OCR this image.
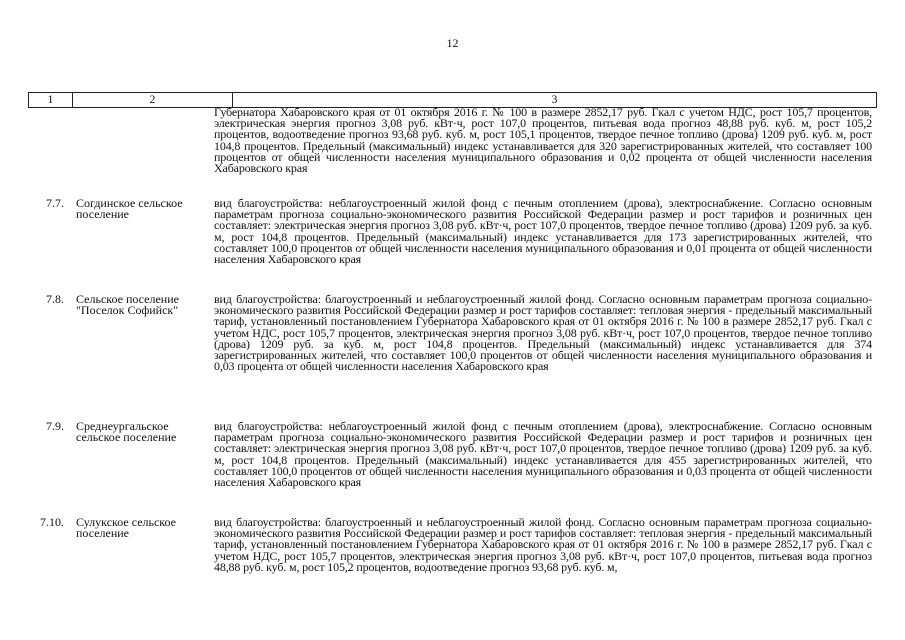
12
1	2	3
Губернатора Хабаровского края от 01 октября 2016 г. № 100 в размере 2852,17 руб. Гкал с учетом НДС, рост 105,7 процентов, электрическая энергия прогноз 3,08 руб. кВт·ч, рост 107,0 процентов, питьевая вода прогноз 48,88 руб. куб. м, рост 105,2 процентов, водоотведение прогноз 93,68 руб. куб. м, рост 105,1 процентов, твердое печное топливо (дрова) 1209 руб. куб. м, рост 104,8 процентов. Предельный (максимальный) индекс устанавливается для 320 зарегистрированных жителей, что составляет 100 процентов от общей численности населения муниципального образования и 0,02 процента от общей численности населения Хабаровского края
7.7. Согдинское сельское поселение
вид благоустройства: неблагоустроенный жилой фонд с печным отоплением (дрова), электроснабжение. Согласно основным параметрам прогноза социально-экономического развития Российской Федерации размер и рост тарифов и розничных цен составляет: электрическая энергия прогноз 3,08 руб. кВт·ч, рост 107,0 процентов, твердое печное топливо (дрова) 1209 руб. за куб. м, рост 104,8 процентов. Предельный (максимальный) индекс устанавливается для 173 зарегистрированных жителей, что составляет 100,0 процентов от общей численности населения муниципального образования и 0,01 процента от общей численности населения Хабаровского края
7.8. Сельское поселение "Поселок Софийск"
вид благоустройства: благоустроенный и неблагоустроенный жилой фонд. Согласно основным параметрам прогноза социально-экономического развития Российской Федерации размер и рост тарифов составляет: тепловая энергия - предельный максимальный тариф, установленный постановлением Губернатора Хабаровского края от 01 октября 2016 г. № 100 в размере 2852,17 руб. Гкал с учетом НДС, рост 105,7 процентов, электрическая энергия прогноз 3,08 руб. кВт·ч, рост 107,0 процентов, твердое печное топливо (дрова) 1209 руб. за куб. м, рост 104,8 процентов. Предельный (максимальный) индекс устанавливается для 374 зарегистрированных жителей, что составляет 100,0 процентов от общей численности населения муниципального образования и 0,03 процента от общей численности населения Хабаровского края
7.9. Среднеургальское сельское поселение
вид благоустройства: неблагоустроенный жилой фонд с печным отоплением (дрова), электроснабжение. Согласно основным параметрам прогноза социально-экономического развития Российской Федерации размер и рост тарифов и розничных цен составляет: электрическая энергия прогноз 3,08 руб. кВт·ч, рост 107,0 процентов, твердое печное топливо (дрова) 1209 руб. за куб. м, рост 104,8 процентов. Предельный (максимальный) индекс устанавливается для 455 зарегистрированных жителей, что составляет 100,0 процентов от общей численности населения муниципального образования и 0,03 процента от общей численности населения Хабаровского края
7.10. Сулукское сельское поселение
вид благоустройства: благоустроенный и неблагоустроенный жилой фонд. Согласно основным параметрам прогноза социально-экономического развития Российской Федерации размер и рост тарифов составляет: тепловая энергия - предельный максимальный тариф, установленный постановлением Губернатора Хабаровского края от 01 октября 2016 г. № 100 в размере 2852,17 руб. Гкал с учетом НДС, рост 105,7 процентов, электрическая энергия прогноз 3,08 руб. кВт·ч, рост 107,0 процентов, питьевая вода прогноз 48,88 руб. куб. м, рост 105,2 процентов, водоотведение прогноз 93,68 руб. куб. м,
